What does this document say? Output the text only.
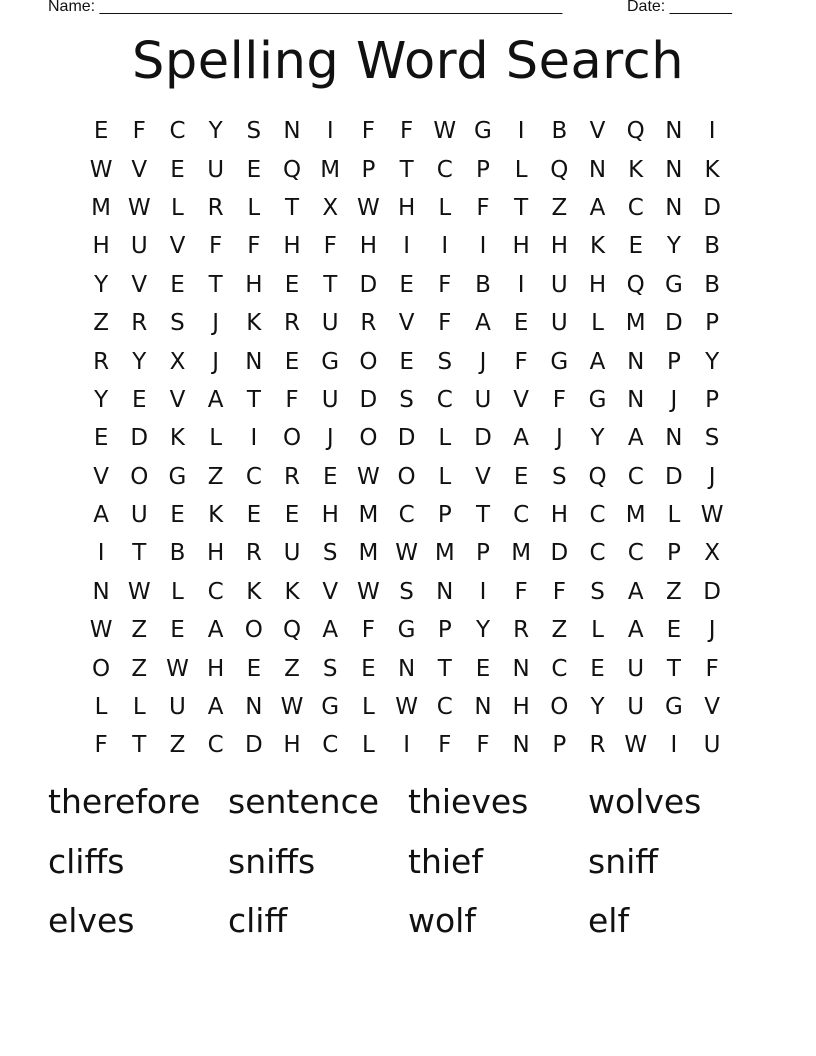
Name: ____________________________________________________	Date: _______
Spelling Word Search
E	F	C	Y	S N	I	F	F W G	I	B V Q N	I
W V	E U E Q M P	T	C	P	L Q N K N K
M W L	R	L	T	X W H	L	F	T	Z A C N D
H U V	F	F H F H	I	I	I	H H K	E	Y	B
Y	V	E	T H E	T D E	F	B	I	U H Q G B
Z R S	J	K R U R V	F	A	E U	L M D P
R	Y	X	J	N E G O E	S	J	F G A N P	Y
Y	E	V A	T	F	U D S C U V	F G N	J	P
E D K	L	I	O	J	O D L D A	J	Y	A N S
V O G Z C R E W O L	V	E	S Q C D	J
A U E	K	E	E H M C	P	T	C H C M L W
I	T	B H R U S M W M P M D C C	P	X
N W L	C K	K V W S N	I	F	F	S	A Z D
W Z	E	A O Q A	F G P	Y	R Z	L	A	E	J
O Z W H E	Z	S	E N T	E N C E U T	F
L	L	U A N W G L W C N H O Y U G V
F	T	Z C D H C	L	I	F	F N P	R W	I	U
therefore sentence thieves	wolves
cliffs	sniffs	thief	sniff
elves	cliff	wolf	elf
